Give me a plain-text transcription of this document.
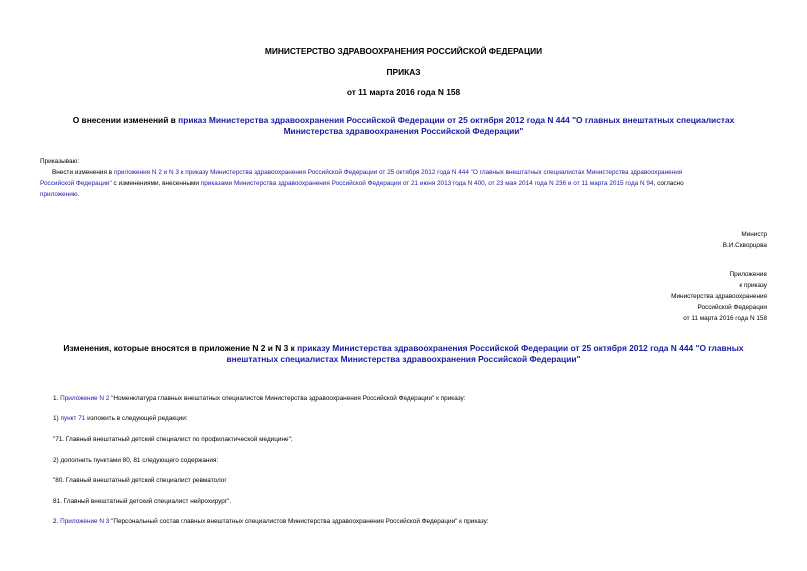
МИНИСТЕРСТВО ЗДРАВООХРАНЕНИЯ РОССИЙСКОЙ ФЕДЕРАЦИИ
ПРИКАЗ
от 11 марта 2016 года N 158
О внесении изменений в приказ Министерства здравоохранения Российской Федерации от 25 октября 2012 года N 444 "О главных внештатных специалистах
Министерства здравоохранения Российской Федерации"
Приказываю:
Внести изменения в приложения N 2 и N 3 к приказу Министерства здравоохранения Российской Федерации от 25 октября 2012 года N 444 "О главных внештатных специалистах Министерства здравоохранения
Российской Федерации" с изменениями, внесенными приказами Министерства здравоохранения Российской Федерации от 21 июня 2013 года N 400, от 23 мая 2014 года N 236 и от 11 марта 2015 года N 94, согласно
приложению.
Министр
В.И.Скворцова
Приложение
к приказу
Министерства здравоохранения
Российской Федерации
от 11 марта 2016 года N 158
Изменения, которые вносятся в приложение N 2 и N 3 к приказу Министерства здравоохранения Российской Федерации от 25 октября 2012 года N 444 "О главных
внештатных специалистах Министерства здравоохранения Российской Федерации"
1. Приложение N 2 "Номенклатура главных внештатных специалистов Министерства здравоохранения Российской Федерации" к приказу:
1) пункт 71 изложить в следующей редакции:
"71. Главный внештатный детский специалист по профилактической медицине";
2) дополнить пунктами 80, 81 следующего содержания:
"80. Главный внештатный детский специалист ревматолог
81. Главный внештатный детский специалист нейрохирург".
2. Приложение N 3 "Персональный состав главных внештатных специалистов Министерства здравоохранения Российской Федерации" к приказу:
